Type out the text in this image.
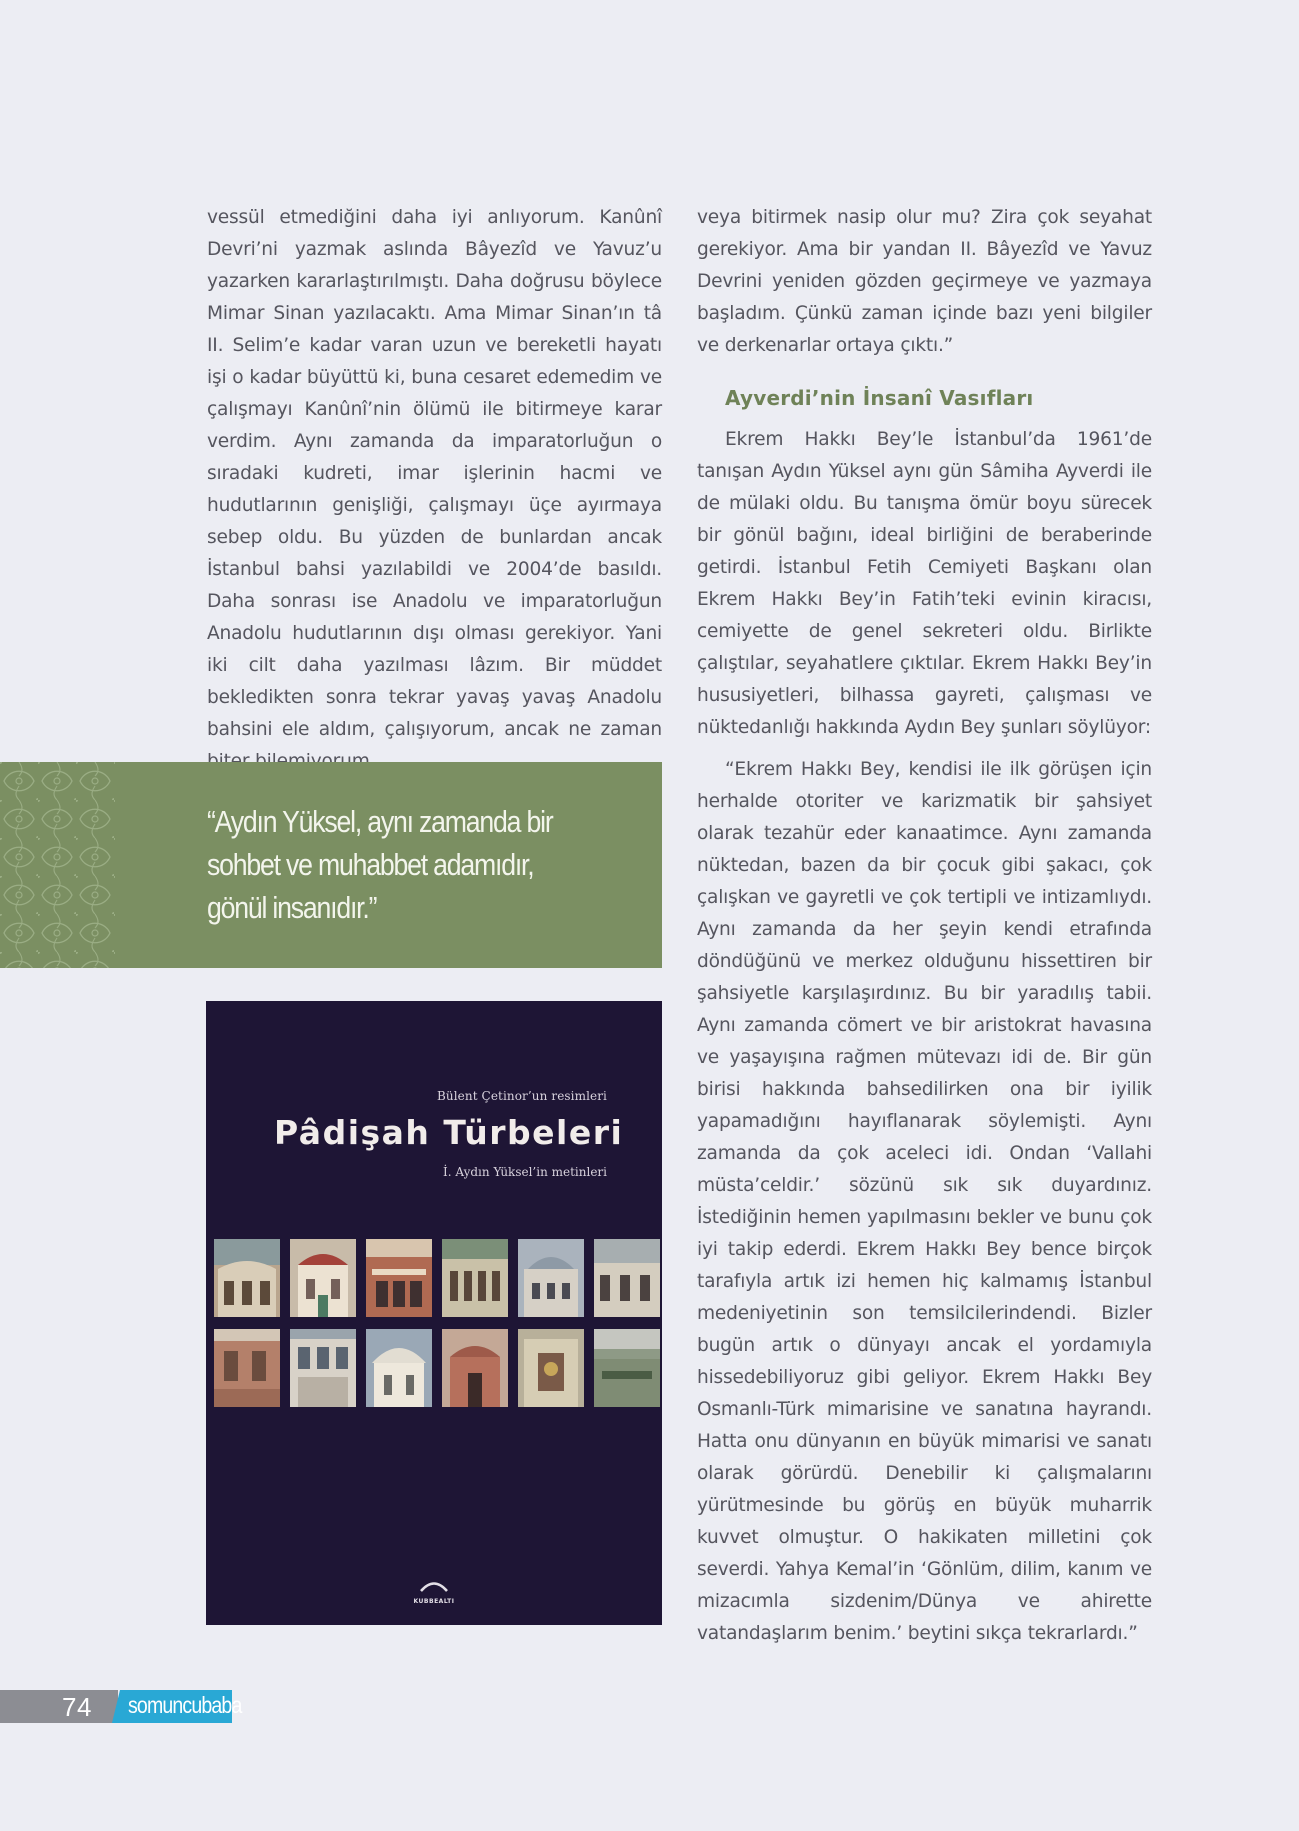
vessül etmediğini daha iyi anlıyorum. Kanûnî Devri’ni yazmak aslında Bâyezîd ve Yavuz’u yazarken kararlaştırılmıştı. Daha doğrusu böylece Mimar Sinan yazılacaktı. Ama Mimar Sinan’ın tâ II. Selim’e kadar varan uzun ve bereketli hayatı işi o kadar büyüttü ki, buna cesaret edemedim ve çalışmayı Kanûnî’nin ölümü ile bitirmeye karar verdim. Aynı zamanda da imparatorluğun o sıradaki kudreti, imar işlerinin hacmi ve hudutlarının genişliği, çalışmayı üçe ayırmaya sebep oldu. Bu yüzden de bunlardan ancak İstanbul bahsi yazılabildi ve 2004’de basıldı. Daha sonrası ise Anadolu ve imparatorluğun Anadolu hudutlarının dışı olması gerekiyor. Yani iki cilt daha yazılması lâzım. Bir müddet bekledikten sonra tekrar yavaş yavaş Anadolu bahsini ele aldım, çalışıyorum, ancak ne zaman

veya bitirmek nasip olur mu? Zira çok seyahat gerekiyor. Ama bir yandan II. Bâyezîd ve Yavuz Devrini yeniden gözden geçirmeye ve yazmaya başladım. Çünkü zaman içinde bazı yeni bilgiler ve derkenarlar ortaya çıktı.”

Ayverdi’nin İnsanî Vasıfları

Ekrem Hakkı Bey’le İstanbul’da 1961’de tanışan Aydın Yüksel aynı gün Sâmiha Ayverdi ile de mülaki oldu. Bu tanışma ömür boyu sürecek bir gönül bağını, ideal birliğini de beraberinde getirdi. İstanbul Fetih Cemiyeti Başkanı olan Ekrem Hakkı Bey’in Fatih’teki evinin kiracısı, cemiyette de genel sekreteri oldu. Birlikte çalıştılar, seyahatlere çıktılar. Ekrem Hakkı Bey’in hususiyetleri, bilhassa gayreti, çalışması ve nüktedanlığı hakkında Aydın Bey şunları söylüyor:

“Ekrem Hakkı Bey, kendisi ile ilk görüşen için herhalde otoriter ve karizmatik bir şahsiyet olarak tezahür eder kanaatimce. Aynı zamanda nüktedan, bazen da bir çocuk gibi şakacı, çok çalışkan ve gayretli ve çok tertipli ve intizamlıydı. Aynı zamanda da her şeyin kendi etrafında döndüğünü ve merkez olduğunu hissettiren bir şahsiyetle karşılaşırdınız. Bu bir yaradılış tabii. Aynı zamanda cömert ve bir aristokrat havasına ve yaşayışına rağmen mütevazı idi de. Bir gün birisi hakkında bahsedilirken ona bir iyilik yapamadığını hayıflanarak söylemişti. Aynı zamanda da çok aceleci idi. Ondan ‘Vallahi müsta’celdir.’ sözünü sık sık duyardınız. İstediğinin hemen yapılmasını bekler ve bunu çok iyi takip ederdi. Ekrem Hakkı Bey bence birçok tarafıyla artık izi hemen hiç kalmamış İstanbul medeniyetinin son temsilcilerindendi. Bizler bugün artık o dünyayı ancak el yordamıyla hissedebiliyoruz gibi geliyor. Ekrem Hakkı Bey Osmanlı-Türk mimarisine ve sanatına hayrandı. Hatta onu dünyanın en büyük mimarisi ve sanatı olarak görürdü. Denebilir ki çalışmalarını yürütmesinde bu görüş en büyük muharrik kuvvet olmuştur. O hakikaten milletini çok severdi. Yahya Kemal’in ‘Gönlüm, dilim, kanım ve mizacımla sizdenim/Dünya ve ahirette vatandaşlarım benim.’ beytini sıkça tekrarlardı.”

“Aydın Yüksel, aynı zamanda bir
sohbet ve muhabbet adamıdır,
gönül insanıdır.”

Bülent Çetinor’un resimleri
Pâdişah Türbeleri
İ. Aydın Yüksel’in metinleri
KUBBEALTI
74 somuncubaba
